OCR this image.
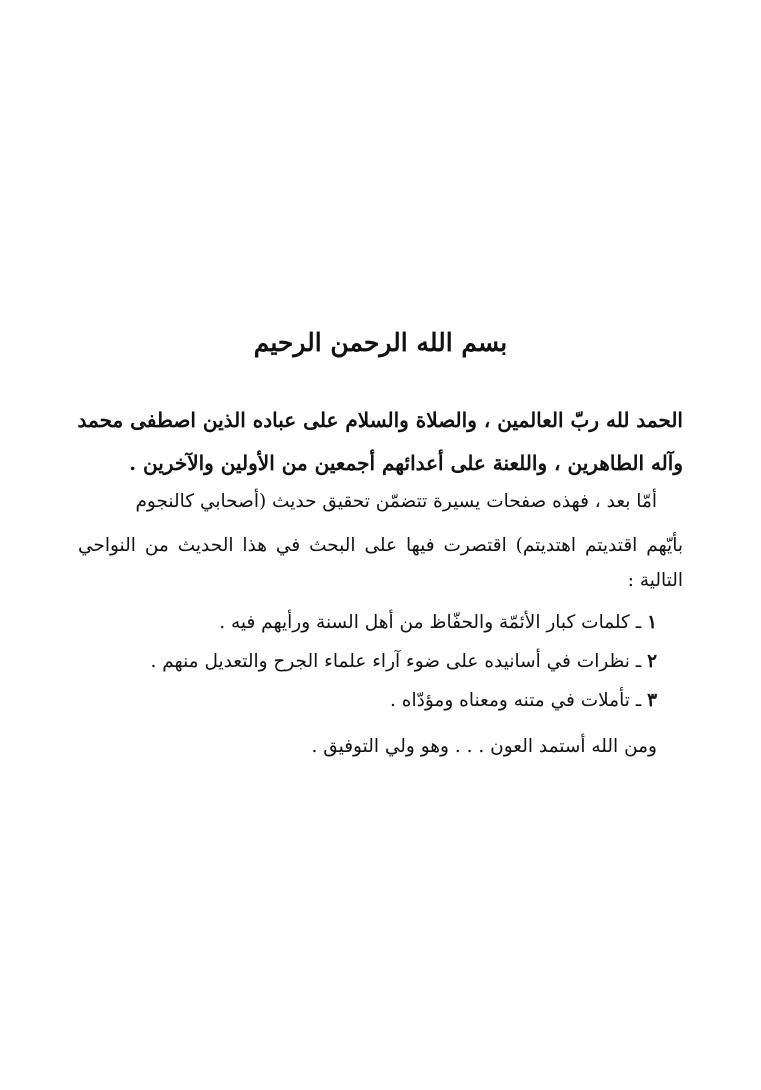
بسم الله الرحمن الرحيم

الحمد لله ربّ العالمين ، والصلاة والسلام على عباده الذين اصطفى محمد

وآله الطاهرين ، واللعنة على أعدائهم أجمعين من الأولين والآخرين .

أمّا بعد ، فهذه صفحات يسيرة تتضمّن تحقيق حديث (أصحابي كالنجوم

بأيّهم اقتديتم اهتديتم) اقتصرت فيها على البحث في هذا الحديث من النواحي

التالية :

١ ـ كلمات كبار الأئمّة والحفّاظ من أهل السنة ورأيهم فيه .

٢ ـ نظرات في أسانيده على ضوء آراء علماء الجرح والتعديل منهم .

٣ ـ تأملات في متنه ومعناه ومؤدّاه .

ومن الله أستمد العون . . . وهو ولي التوفيق .
